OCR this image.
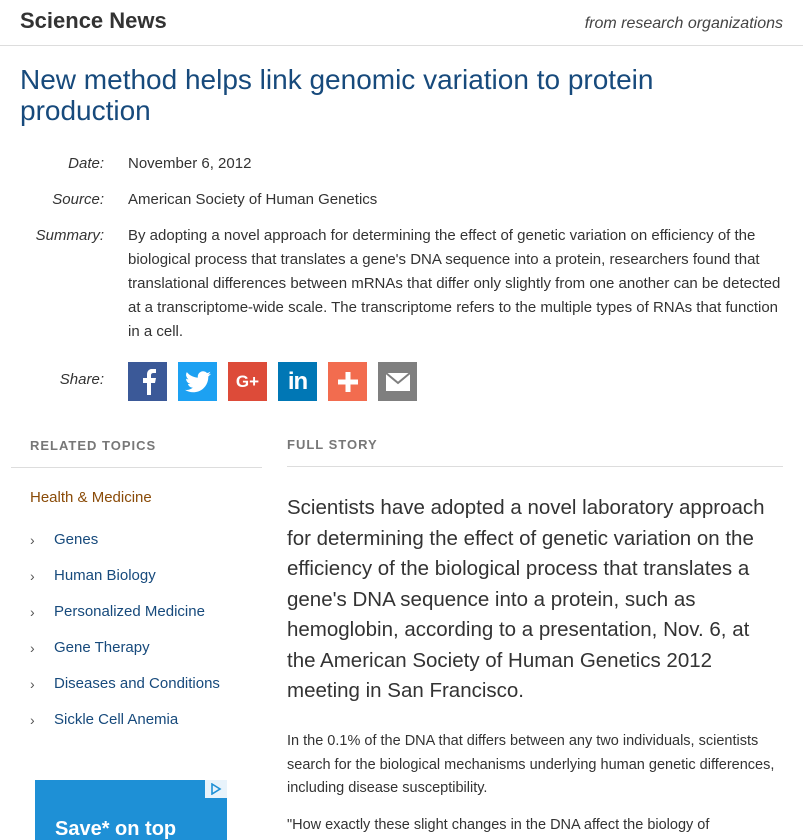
Science News	from research organizations
New method helps link genomic variation to protein production
Date: November 6, 2012
Source: American Society of Human Genetics
Summary: By adopting a novel approach for determining the effect of genetic variation on efficiency of the biological process that translates a gene's DNA sequence into a protein, researchers found that translational differences between mRNAs that differ only slightly from one another can be detected at a transcriptome-wide scale. The transcriptome refers to the multiple types of RNAs that function in a cell.
Share:	G+ in
RELATED TOPICS	FULL STORY
Health & Medicine
›	Genes
›	Human Biology
›	Personalized Medicine
›	Gene Therapy
›	Diseases and Conditions
›	Sickle Cell Anemia
Save* on top
Scientists have adopted a novel laboratory approach for determining the effect of genetic variation on the efficiency of the biological process that translates a gene's DNA sequence into a protein, such as hemoglobin, according to a presentation, Nov. 6, at the American Society of Human Genetics 2012 meeting in San Francisco.
In the 0.1% of the DNA that differs between any two individuals, scientists search for the biological mechanisms underlying human genetic differences, including disease susceptibility.
"How exactly these slight changes in the DNA affect the biology of
